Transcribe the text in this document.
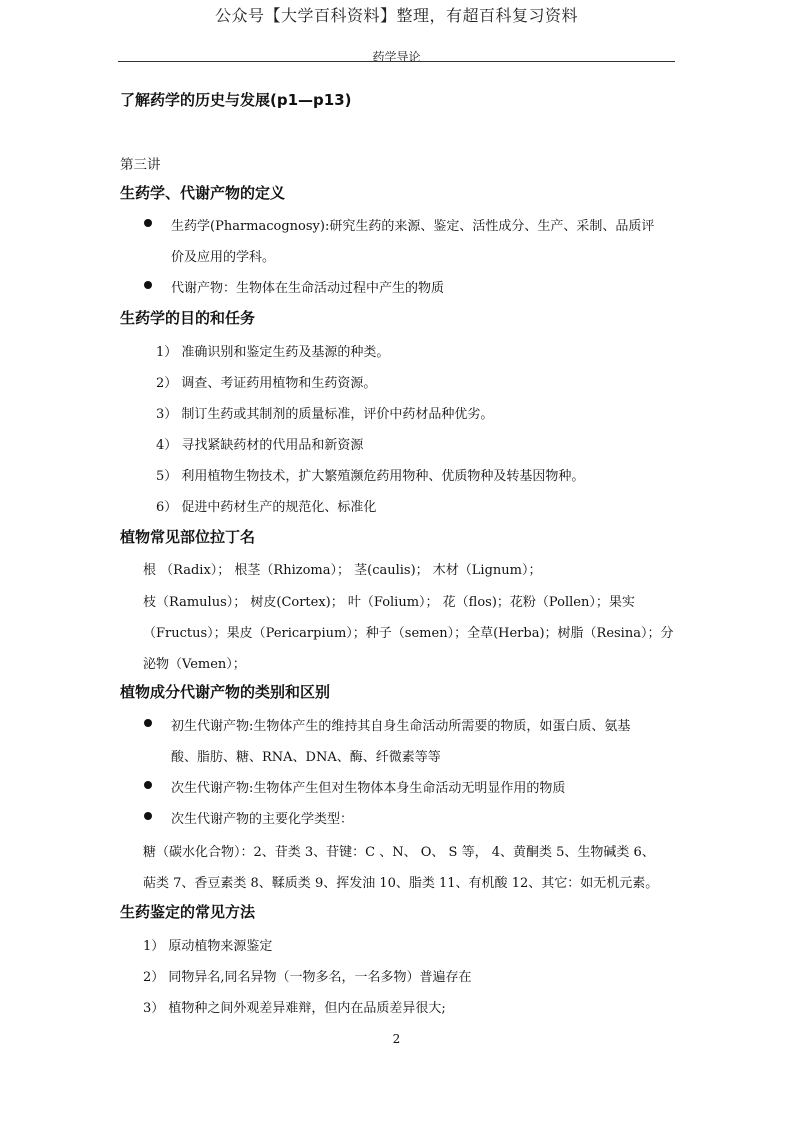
公众号【大学百科资料】整理，有超百科复习资料
药学导论
了解药学的历史与发展(p1—p13)
第三讲
生药学、代谢产物的定义
生药学(Pharmacognosy):研究生药的来源、鉴定、活性成分、生产、采制、品质评
价及应用的学科。
代谢产物：生物体在生命活动过程中产生的物质
生药学的目的和任务
1） 准确识别和鉴定生药及基源的种类。
2） 调查、考证药用植物和生药资源。
3） 制订生药或其制剂的质量标准，评价中药材品种优劣。
4） 寻找紧缺药材的代用品和新资源
5） 利用植物生物技术，扩大繁殖濒危药用物种、优质物种及转基因物种。
6） 促进中药材生产的规范化、标准化
植物常见部位拉丁名
根 （Radix）； 根茎（Rhizoma）； 茎(caulis)； 木材（Lignum）；
枝（Ramulus）； 树皮(Cortex)； 叶（Folium）； 花（flos)；花粉（Pollen）；果实
（Fructus）；果皮（Pericarpium）；种子（semen）；全草(Herba)；树脂（Resina）；分
泌物（Vemen）；
植物成分代谢产物的类别和区别
初生代谢产物:生物体产生的维持其自身生命活动所需要的物质，如蛋白质、氨基
酸、脂肪、糖、RNA、DNA、酶、纤微素等等
次生代谢产物:生物体产生但对生物体本身生命活动无明显作用的物质
次生代谢产物的主要化学类型：
糖（碳水化合物）：2、苷类 3、苷键：C 、N、 O、 S 等， 4、黄酮类 5、生物碱类 6、
萜类 7、香豆素类 8、鞣质类 9、挥发油 10、脂类 11、有机酸 12、其它：如无机元素。
生药鉴定的常见方法
1） 原动植物来源鉴定
2） 同物异名,同名异物（一物多名，一名多物）普遍存在
3） 植物种之间外观差异难辩，但内在品质差异很大;
2
